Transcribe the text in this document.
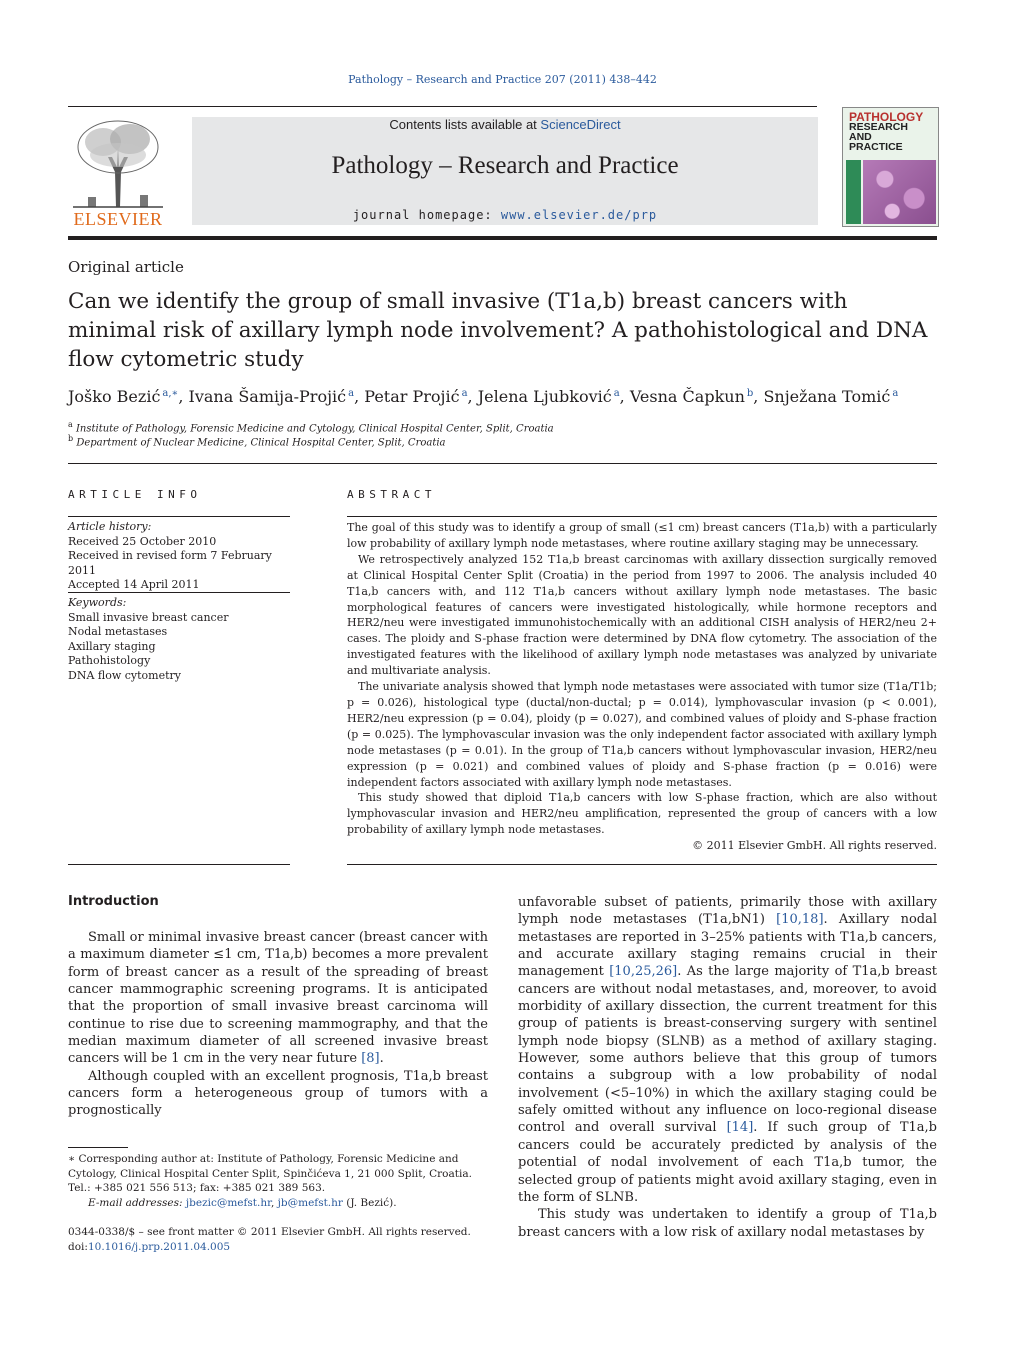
Pathology – Research and Practice 207 (2011) 438–442
ELSEVIER
Contents lists available at ScienceDirect
Pathology – Research and Practice
journal homepage: www.elsevier.de/prp
PATHOLOGY
RESEARCH
AND
PRACTICE
Original article
Can we identify the group of small invasive (T1a,b) breast cancers with minimal risk of axillary lymph node involvement? A pathohistological and DNA flow cytometric study
Joško Bezić $^{a,∗}$, Ivana Šamija-Projić $^a$, Petar Projić $^a$, Jelena Ljubković $^a$, Vesna Čapkun $^b$, Snježana Tomić $^a$
$^a$ Institute of Pathology, Forensic Medicine and Cytology, Clinical Hospital Center, Split, Croatia
$^b$ Department of Nuclear Medicine, Clinical Hospital Center, Split, Croatia
ARTICLE INFO
Article history:
Received 25 October 2010
Received in revised form 7 February 2011
Accepted 14 April 2011
Keywords:
Small invasive breast cancer
Nodal metastases
Axillary staging
Pathohistology
DNA flow cytometry
ABSTRACT

The goal of this study was to identify a group of small (≤1 cm) breast cancers (T1a,b) with a particularly low probability of axillary lymph node metastases, where routine axillary staging may be unnecessary.

We retrospectively analyzed 152 T1a,b breast carcinomas with axillary dissection surgically removed at Clinical Hospital Center Split (Croatia) in the period from 1997 to 2006. The analysis included 40 T1a,b cancers with, and 112 T1a,b cancers without axillary lymph node metastases. The basic morphological features of cancers were investigated histologically, while hormone receptors and HER2/neu were investigated immunohistochemically with an additional CISH analysis of HER2/neu 2+ cases. The ploidy and S-phase fraction were determined by DNA flow cytometry. The association of the investigated features with the likelihood of axillary lymph node metastases was analyzed by univariate and multivariate analysis.

The univariate analysis showed that lymph node metastases were associated with tumor size (T1a/T1b; p = 0.026), histological type (ductal/non-ductal; p = 0.014), lymphovascular invasion (p < 0.001), HER2/neu expression (p = 0.04), ploidy (p = 0.027), and combined values of ploidy and S-phase fraction (p = 0.025). The lymphovascular invasion was the only independent factor associated with axillary lymph node metastases (p = 0.01). In the group of T1a,b cancers without lymphovascular invasion, HER2/neu expression (p = 0.021) and combined values of ploidy and S-phase fraction (p = 0.016) were independent factors associated with axillary lymph node metastases.

This study showed that diploid T1a,b cancers with low S-phase fraction, which are also without lymphovascular invasion and HER2/neu amplification, represented the group of cancers with a low probability of axillary lymph node metastases.

© 2011 Elsevier GmbH. All rights reserved.
Introduction

Small or minimal invasive breast cancer (breast cancer with a maximum diameter ≤1 cm, T1a,b) becomes a more prevalent form of breast cancer as a result of the spreading of breast cancer mammographic screening programs. It is anticipated that the proportion of small invasive breast carcinoma will continue to rise due to screening mammography, and that the median maximum diameter of all screened invasive breast cancers will be 1 cm in the very near future [8].

Although coupled with an excellent prognosis, T1a,b breast cancers form a heterogeneous group of tumors with a prognostically

unfavorable subset of patients, primarily those with axillary lymph node metastases (T1a,bN1) [10,18]. Axillary nodal metastases are reported in 3–25% patients with T1a,b cancers, and accurate axillary staging remains crucial in their management [10,25,26]. As the large majority of T1a,b breast cancers are without nodal metastases, and, moreover, to avoid morbidity of axillary dissection, the current treatment for this group of patients is breast-conserving surgery with sentinel lymph node biopsy (SLNB) as a method of axillary staging. However, some authors believe that this group of tumors contains a subgroup with a low probability of nodal involvement (<5–10%) in which the axillary staging could be safely omitted without any influence on loco-regional disease control and overall survival [14]. If such group of T1a,b cancers could be accurately predicted by analysis of the potential of nodal involvement of each T1a,b tumor, the selected group of patients might avoid axillary staging, even in the form of SLNB.

This study was undertaken to identify a group of T1a,b breast cancers with a low risk of axillary nodal metastases by

∗ Corresponding author at: Institute of Pathology, Forensic Medicine and Cytology, Clinical Hospital Center Split, Spinčićeva 1, 21 000 Split, Croatia.
Tel.: +385 021 556 513; fax: +385 021 389 563.
E-mail addresses: jbezic@mefst.hr, jb@mefst.hr (J. Bezić).
0344-0338/$ – see front matter © 2011 Elsevier GmbH. All rights reserved.
doi:10.1016/j.prp.2011.04.005
